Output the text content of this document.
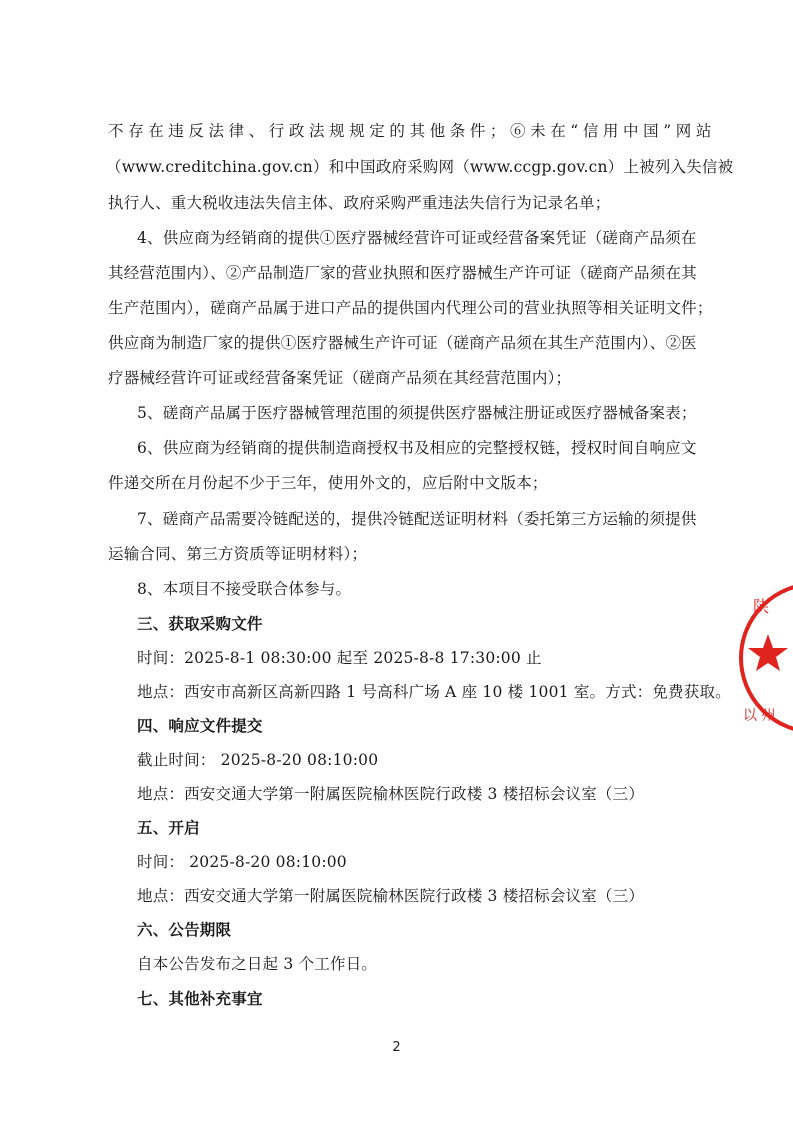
不存在违反法律、行政法规规定的其他条件；⑥未在“信用中国”网站

（www.creditchina.gov.cn）和中国政府采购网（www.ccgp.gov.cn）上被列入失信被

执行人、重大税收违法失信主体、政府采购严重违法失信行为记录名单；

4、供应商为经销商的提供①医疗器械经营许可证或经营备案凭证（磋商产品须在

其经营范围内）、②产品制造厂家的营业执照和医疗器械生产许可证（磋商产品须在其

生产范围内），磋商产品属于进口产品的提供国内代理公司的营业执照等相关证明文件；

供应商为制造厂家的提供①医疗器械生产许可证（磋商产品须在其生产范围内）、②医

疗器械经营许可证或经营备案凭证（磋商产品须在其经营范围内）；

5、磋商产品属于医疗器械管理范围的须提供医疗器械注册证或医疗器械备案表；

6、供应商为经销商的提供制造商授权书及相应的完整授权链，授权时间自响应文

件递交所在月份起不少于三年，使用外文的，应后附中文版本；

7、磋商产品需要冷链配送的，提供冷链配送证明材料（委托第三方运输的须提供

运输合同、第三方资质等证明材料）；

8、本项目不接受联合体参与。

三、获取采购文件

时间：2025-8-1 08:30:00 起至 2025-8-8 17:30:00 止

地点：西安市高新区高新四路 1 号高科广场 A 座 10 楼 1001 室。方式：免费获取。

四、响应文件提交

截止时间： 2025-8-20 08:10:00

地点：西安交通大学第一附属医院榆林医院行政楼 3 楼招标会议室（三）

五、开启

时间： 2025-8-20 08:10:00

地点：西安交通大学第一附属医院榆林医院行政楼 3 楼招标会议室（三）

六、公告期限

自本公告发布之日起 3 个工作日。

七、其他补充事宜

陕
以 州
2
